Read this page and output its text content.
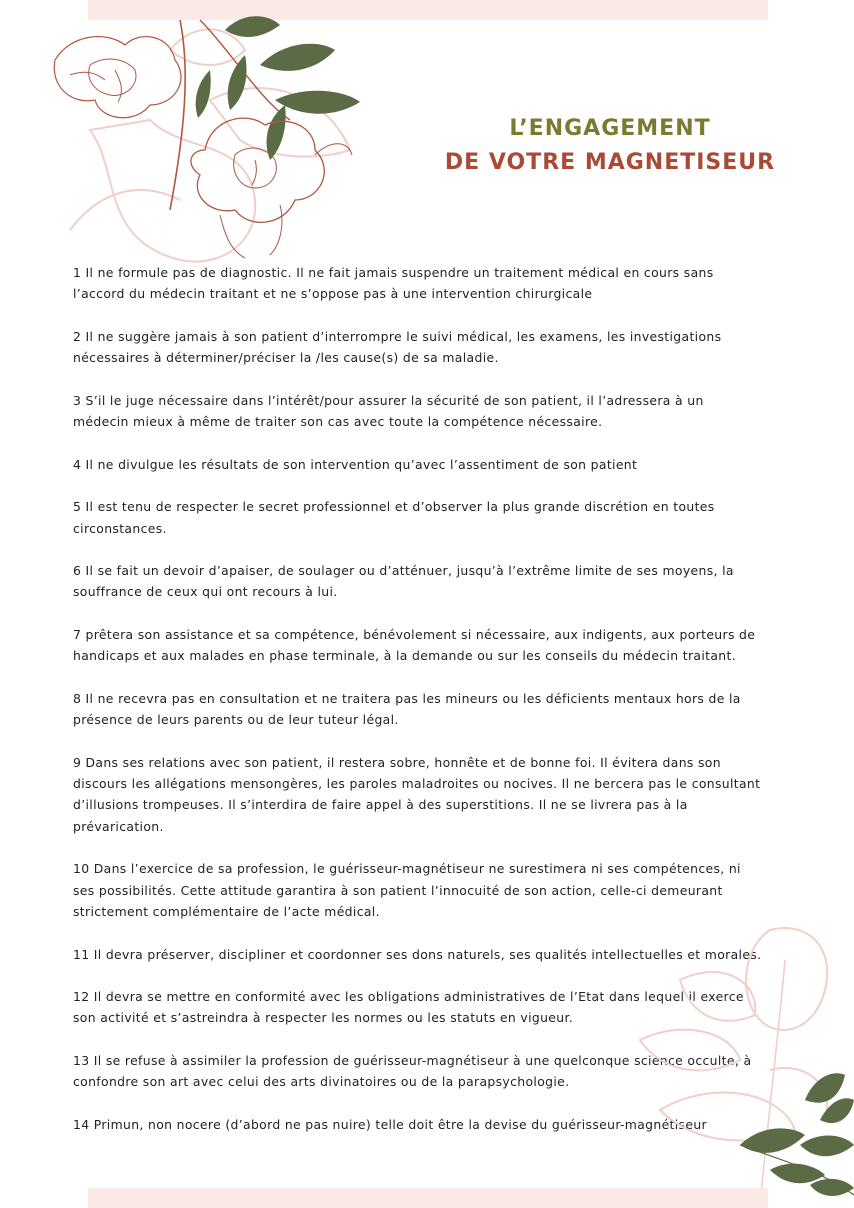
L’ENGAGEMENT
DE VOTRE MAGNETISEUR

1 Il ne formule pas de diagnostic. Il ne fait jamais suspendre un traitement médical en cours sans l’accord du médecin traitant et ne s’oppose pas à une intervention chirurgicale

2 Il ne suggère jamais à son patient d’interrompre le suivi médical, les examens, les investigations nécessaires à déterminer/préciser la /les cause(s) de sa maladie.

3 S’il le juge nécessaire dans l’intérêt/pour assurer la sécurité de son patient, il l’adressera à un médecin mieux à même de traiter son cas avec toute la compétence nécessaire.

4 Il ne divulgue les résultats de son intervention qu’avec l’assentiment de son patient

5 Il est tenu de respecter le secret professionnel et d’observer la plus grande discrétion en toutes circonstances.

6 Il se fait un devoir d’apaiser, de soulager ou d’atténuer, jusqu’à l’extrême limite de ses moyens, la souffrance de ceux qui ont recours à lui.

7 prêtera son assistance et sa compétence, bénévolement si nécessaire, aux indigents, aux porteurs de handicaps et aux malades en phase terminale, à la demande ou sur les conseils du médecin traitant.

8 Il ne recevra pas en consultation et ne traitera pas les mineurs ou les déficients mentaux hors de la présence de leurs parents ou de leur tuteur légal.

9 Dans ses relations avec son patient, il restera sobre, honnête et de bonne foi. Il évitera dans son discours les allégations mensongères, les paroles maladroites ou nocives. Il ne bercera pas le consultant d’illusions trompeuses. Il s’interdira de faire appel à des superstitions. Il ne se livrera pas à la prévarication.

10 Dans l’exercice de sa profession, le guérisseur-magnétiseur ne surestimera ni ses compétences, ni ses possibilités. Cette attitude garantira à son patient l’innocuité de son action, celle-ci demeurant strictement complémentaire de l’acte médical.

11 Il devra préserver, discipliner et coordonner ses dons naturels, ses qualités intellectuelles et morales.

12 Il devra se mettre en conformité avec les obligations administratives de l’Etat dans lequel il exerce son activité et s’astreindra à respecter les normes ou les statuts en vigueur.

13 Il se refuse à assimiler la profession de guérisseur-magnétiseur à une quelconque science occulte, à confondre son art avec celui des arts divinatoires ou de la parapsychologie.

14 Primun, non nocere (d’abord ne pas nuire) telle doit être la devise du guérisseur-magnétiseur
